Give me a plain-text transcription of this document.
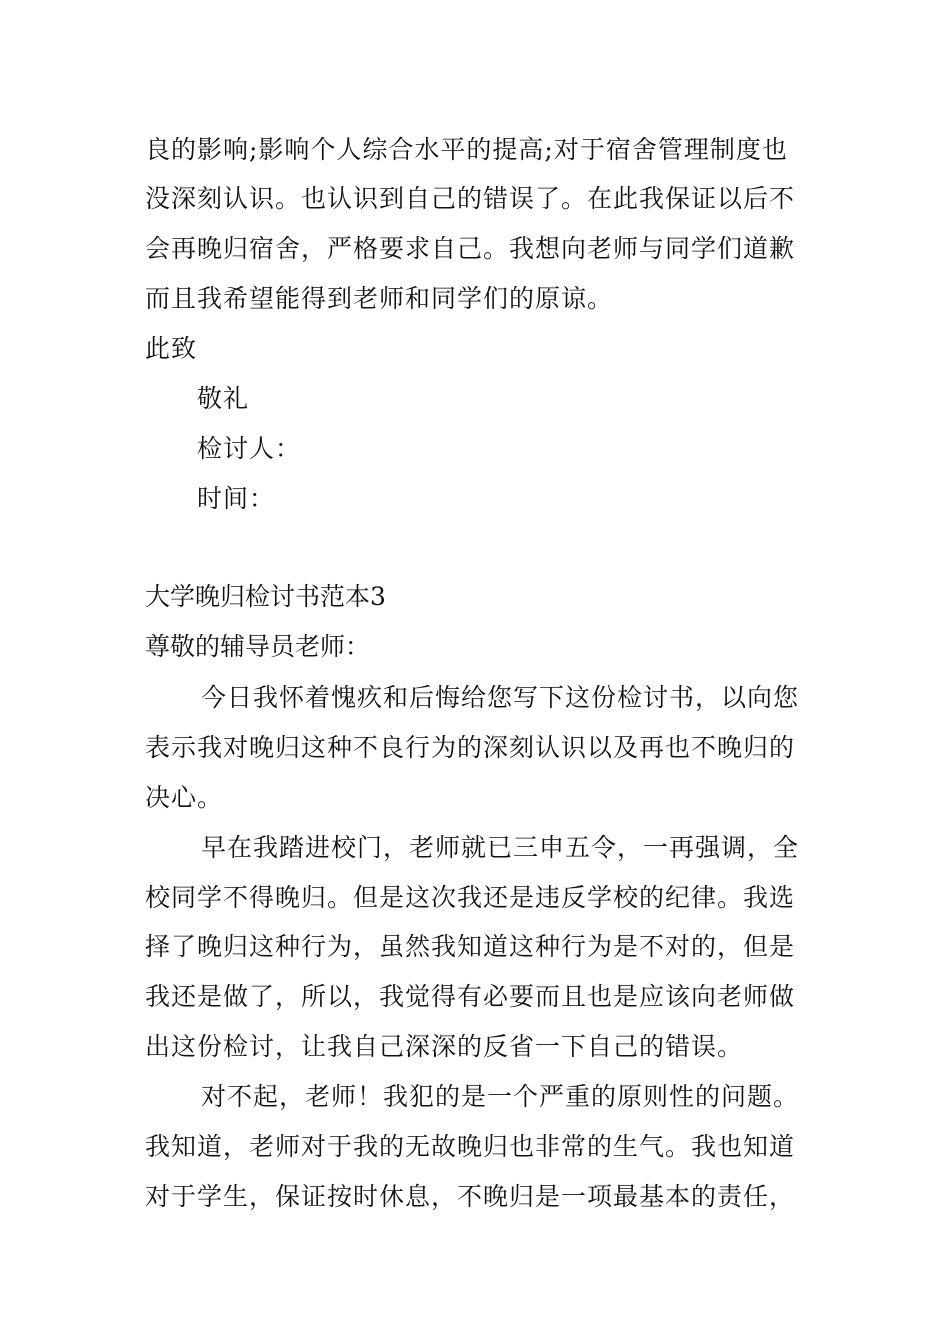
良的影响;影响个人综合水平的提高;对于宿舍管理制度也
没深刻认识。也认识到自己的错误了。在此我保证以后不
会再晚归宿舍，严格要求自己。我想向老师与同学们道歉
而且我希望能得到老师和同学们的原谅。
此致
敬礼
检讨人：
时间：
大学晚归检讨书范本3
尊敬的辅导员老师：
今日我怀着愧疚和后悔给您写下这份检讨书，以向您
表示我对晚归这种不良行为的深刻认识以及再也不晚归的
决心。
早在我踏进校门，老师就已三申五令，一再强调，全
校同学不得晚归。但是这次我还是违反学校的纪律。我选
择了晚归这种行为，虽然我知道这种行为是不对的，但是
我还是做了，所以，我觉得有必要而且也是应该向老师做
出这份检讨，让我自己深深的反省一下自己的错误。
对不起，老师！我犯的是一个严重的原则性的问题。
我知道，老师对于我的无故晚归也非常的生气。我也知道
对于学生，保证按时休息，不晚归是一项最基本的责任，
